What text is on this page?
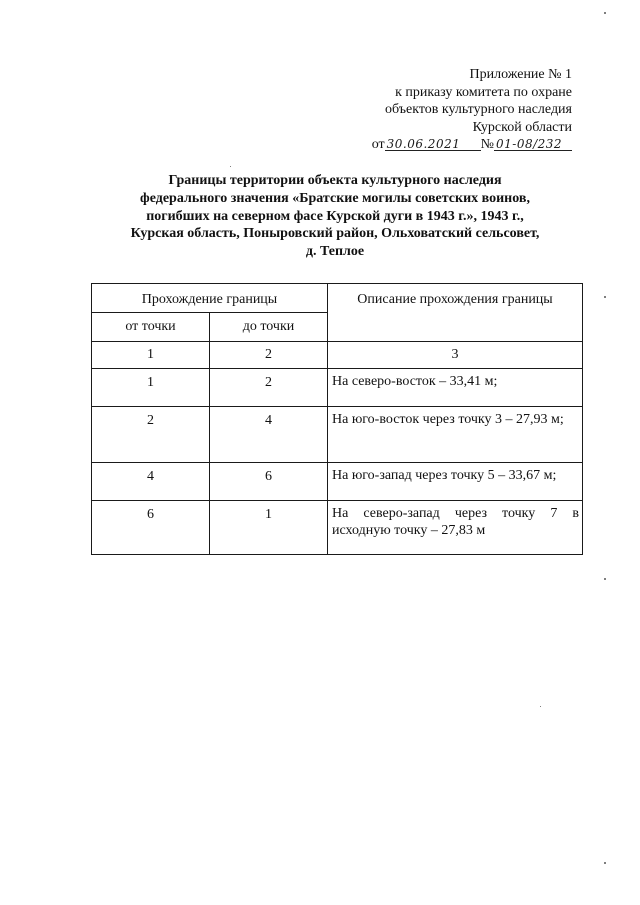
Приложение № 1
к приказу комитета по охране
объектов культурного наследия
Курской области
от 30.06.2021 № 01-08/232
Границы территории объекта культурного наследия
федерального значения «Братские могилы советских воинов,
погибших на северном фасе Курской дуги в 1943 г.», 1943 г.,
Курская область, Поныровский район, Ольховатский сельсовет,
д. Теплое
Прохождение границы		Описание прохождения границы

от точки	до точки	
1	2	3

1	2	На северо-восток – 33,41 м;

2	4	На юго-восток через точку 3 – 27,93 м;

4	6	На юго-запад через точку 5 – 33,67 м;

6	1	На северо-запад через точку 7 в исходную точку – 27,83 м
